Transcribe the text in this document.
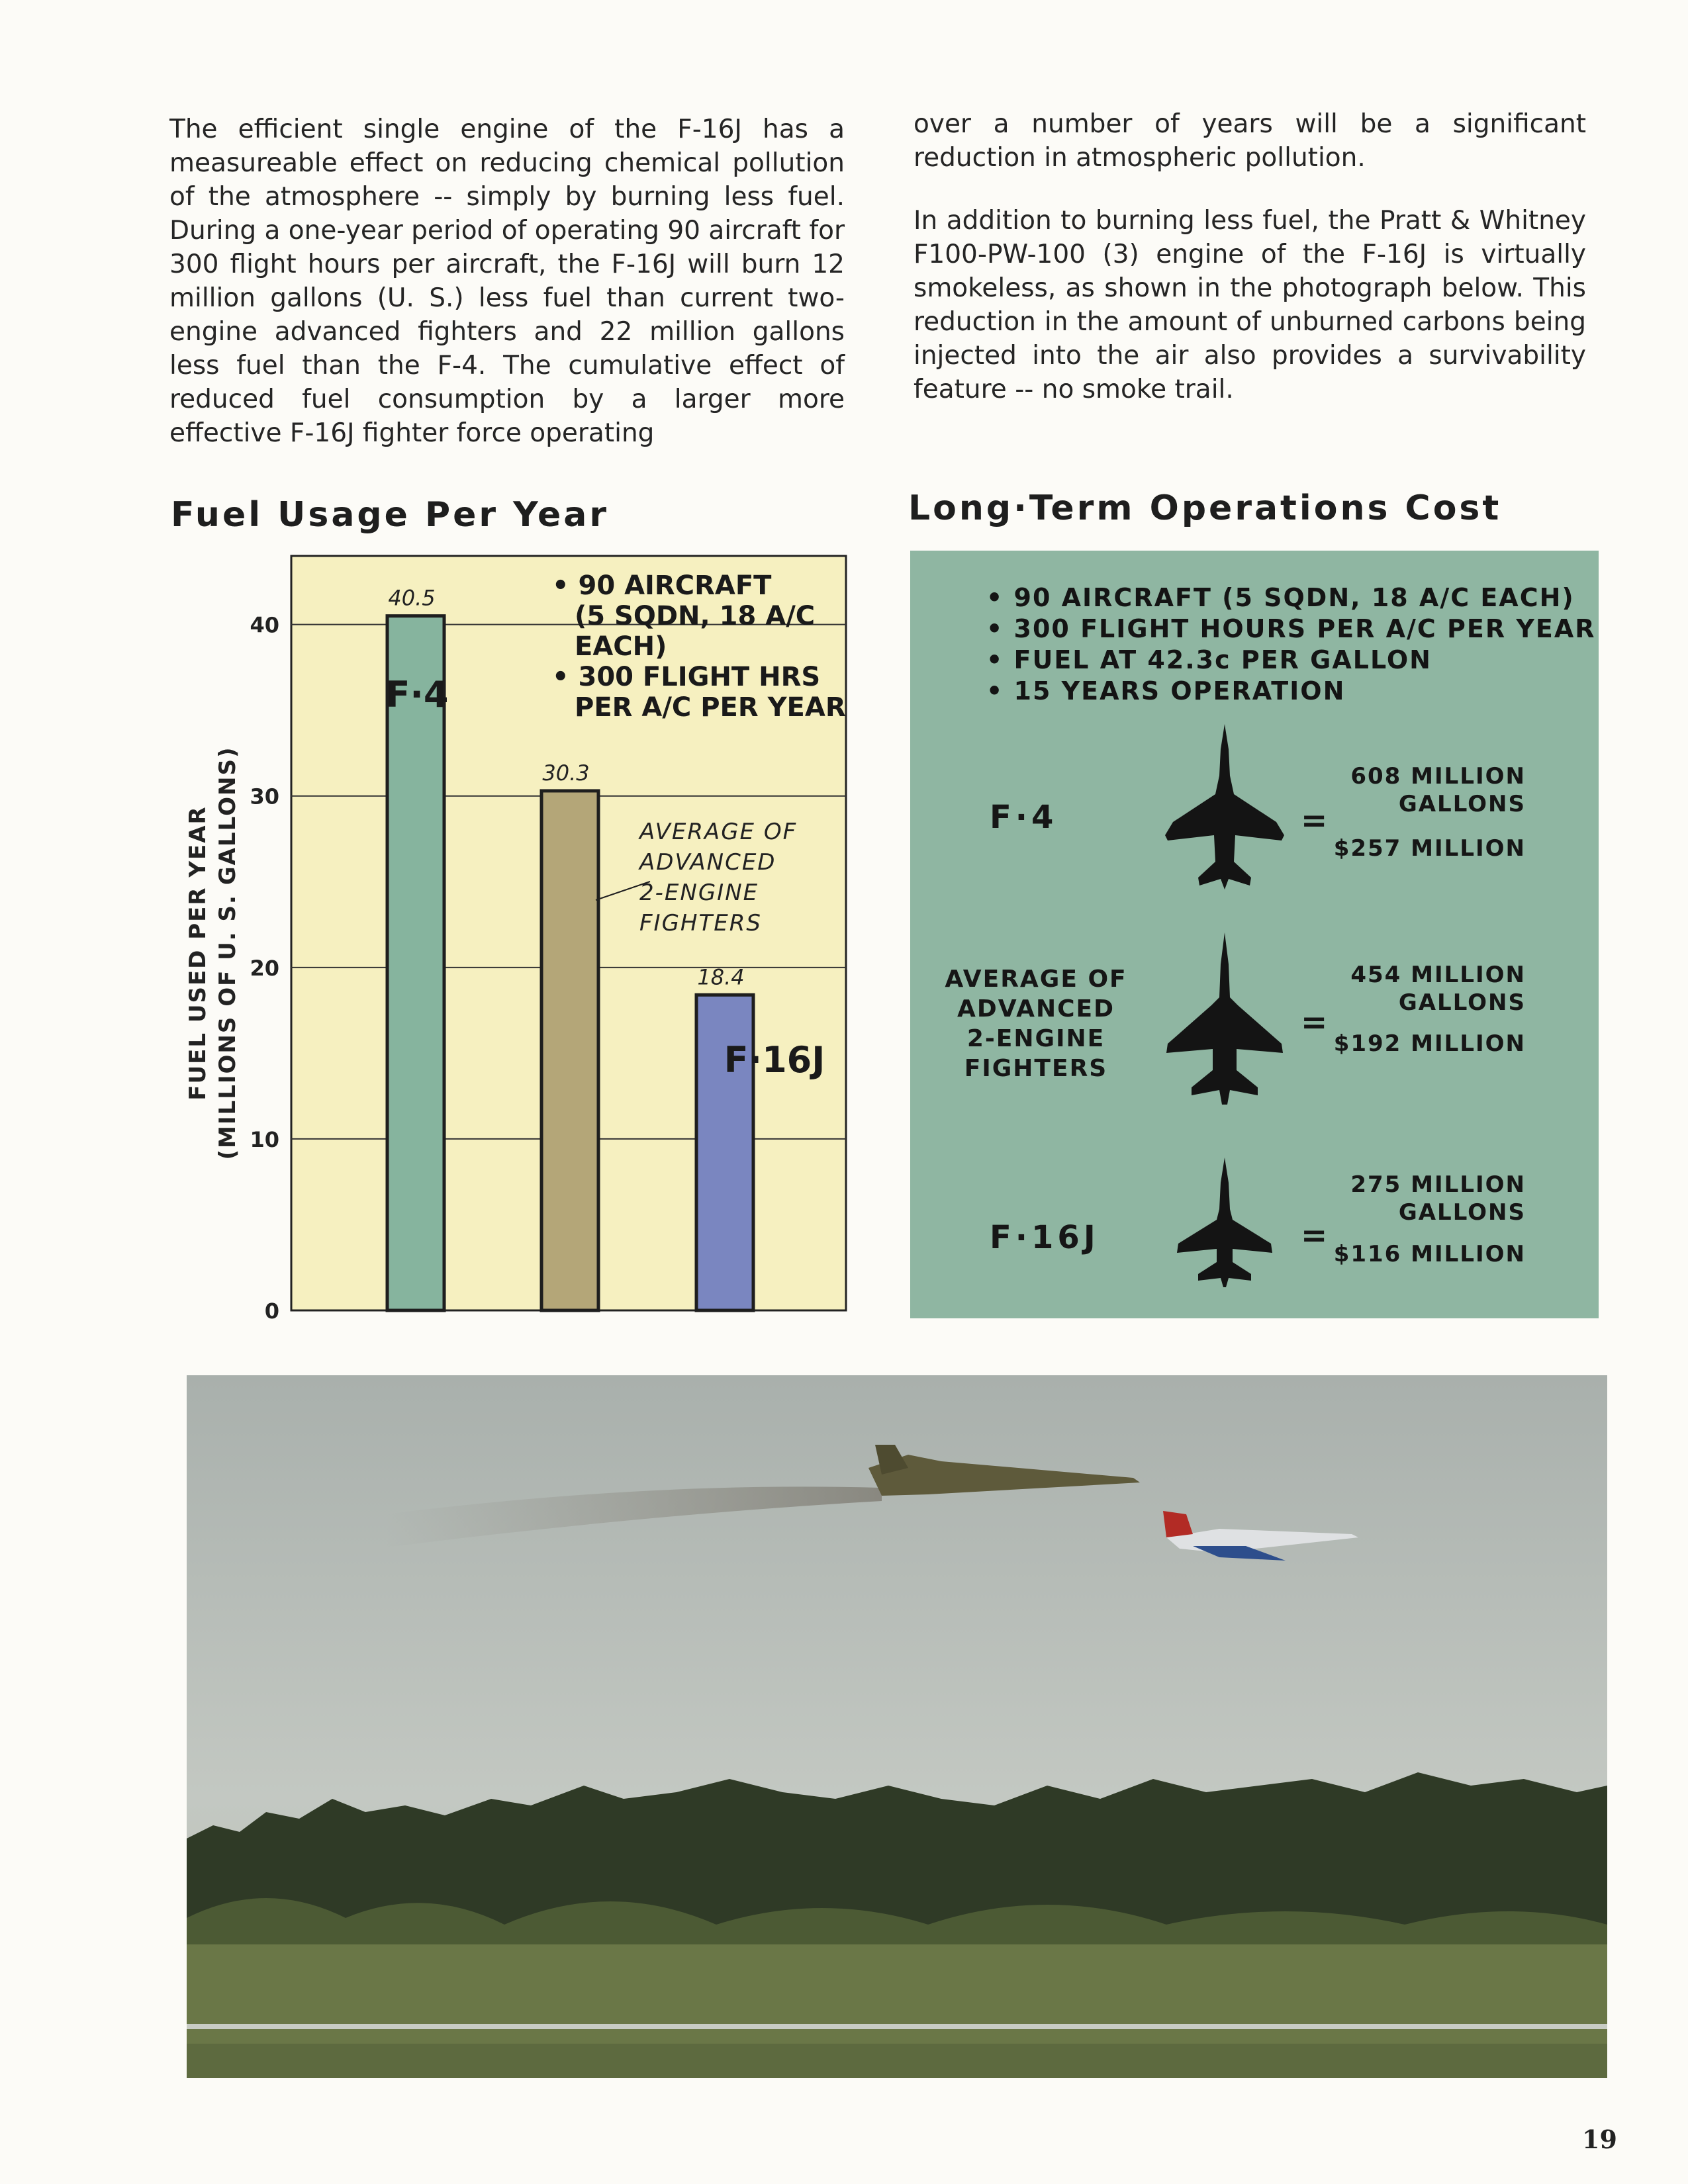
The efficient single engine of the F-16J has a measureable effect on reducing chemical pollution of the atmosphere -- simply by burning less fuel. During a one-year period of operating 90 aircraft for 300 flight hours per aircraft, the F-16J will burn 12 million gallons (U. S.) less fuel than current two-engine advanced fighters and 22 million gallons less fuel than the F-4. The cumulative effect of reduced fuel consumption by a larger more effective F-16J fighter force operating

over a number of years will be a significant reduction in atmospheric pollution.

In addition to burning less fuel, the Pratt & Whitney F100-PW-100 (3) engine of the F-16J is virtually smokeless, as shown in the photograph below. This reduction in the amount of unburned carbons being injected into the air also provides a survivability feature -- no smoke trail.

Fuel Usage Per Year	Long·Term Operations Cost
0
10
20
30
40
FUEL USED PER YEAR (MILLIONS OF U. S. GALLONS)
40.5
30.3
18.4
F·4
F·16J
AVERAGE OF
ADVANCED
2-ENGINE
FIGHTERS
• 90 AIRCRAFT
(5 SQDN, 18 A/C
EACH)
• 300 FLIGHT HRS
PER A/C PER YEAR
• 90 AIRCRAFT (5 SQDN, 18 A/C EACH)
• 300 FLIGHT HOURS PER A/C PER YEAR
• FUEL AT 42.3c PER GALLON
• 15 YEARS OPERATION
F·4	=
608 MILLION
GALLONS
$257 MILLION
AVERAGE OF
ADVANCED
2-ENGINE
FIGHTERS
=
454 MILLION
GALLONS
$192 MILLION
F·16J	=
275 MILLION
GALLONS
$116 MILLION
19
